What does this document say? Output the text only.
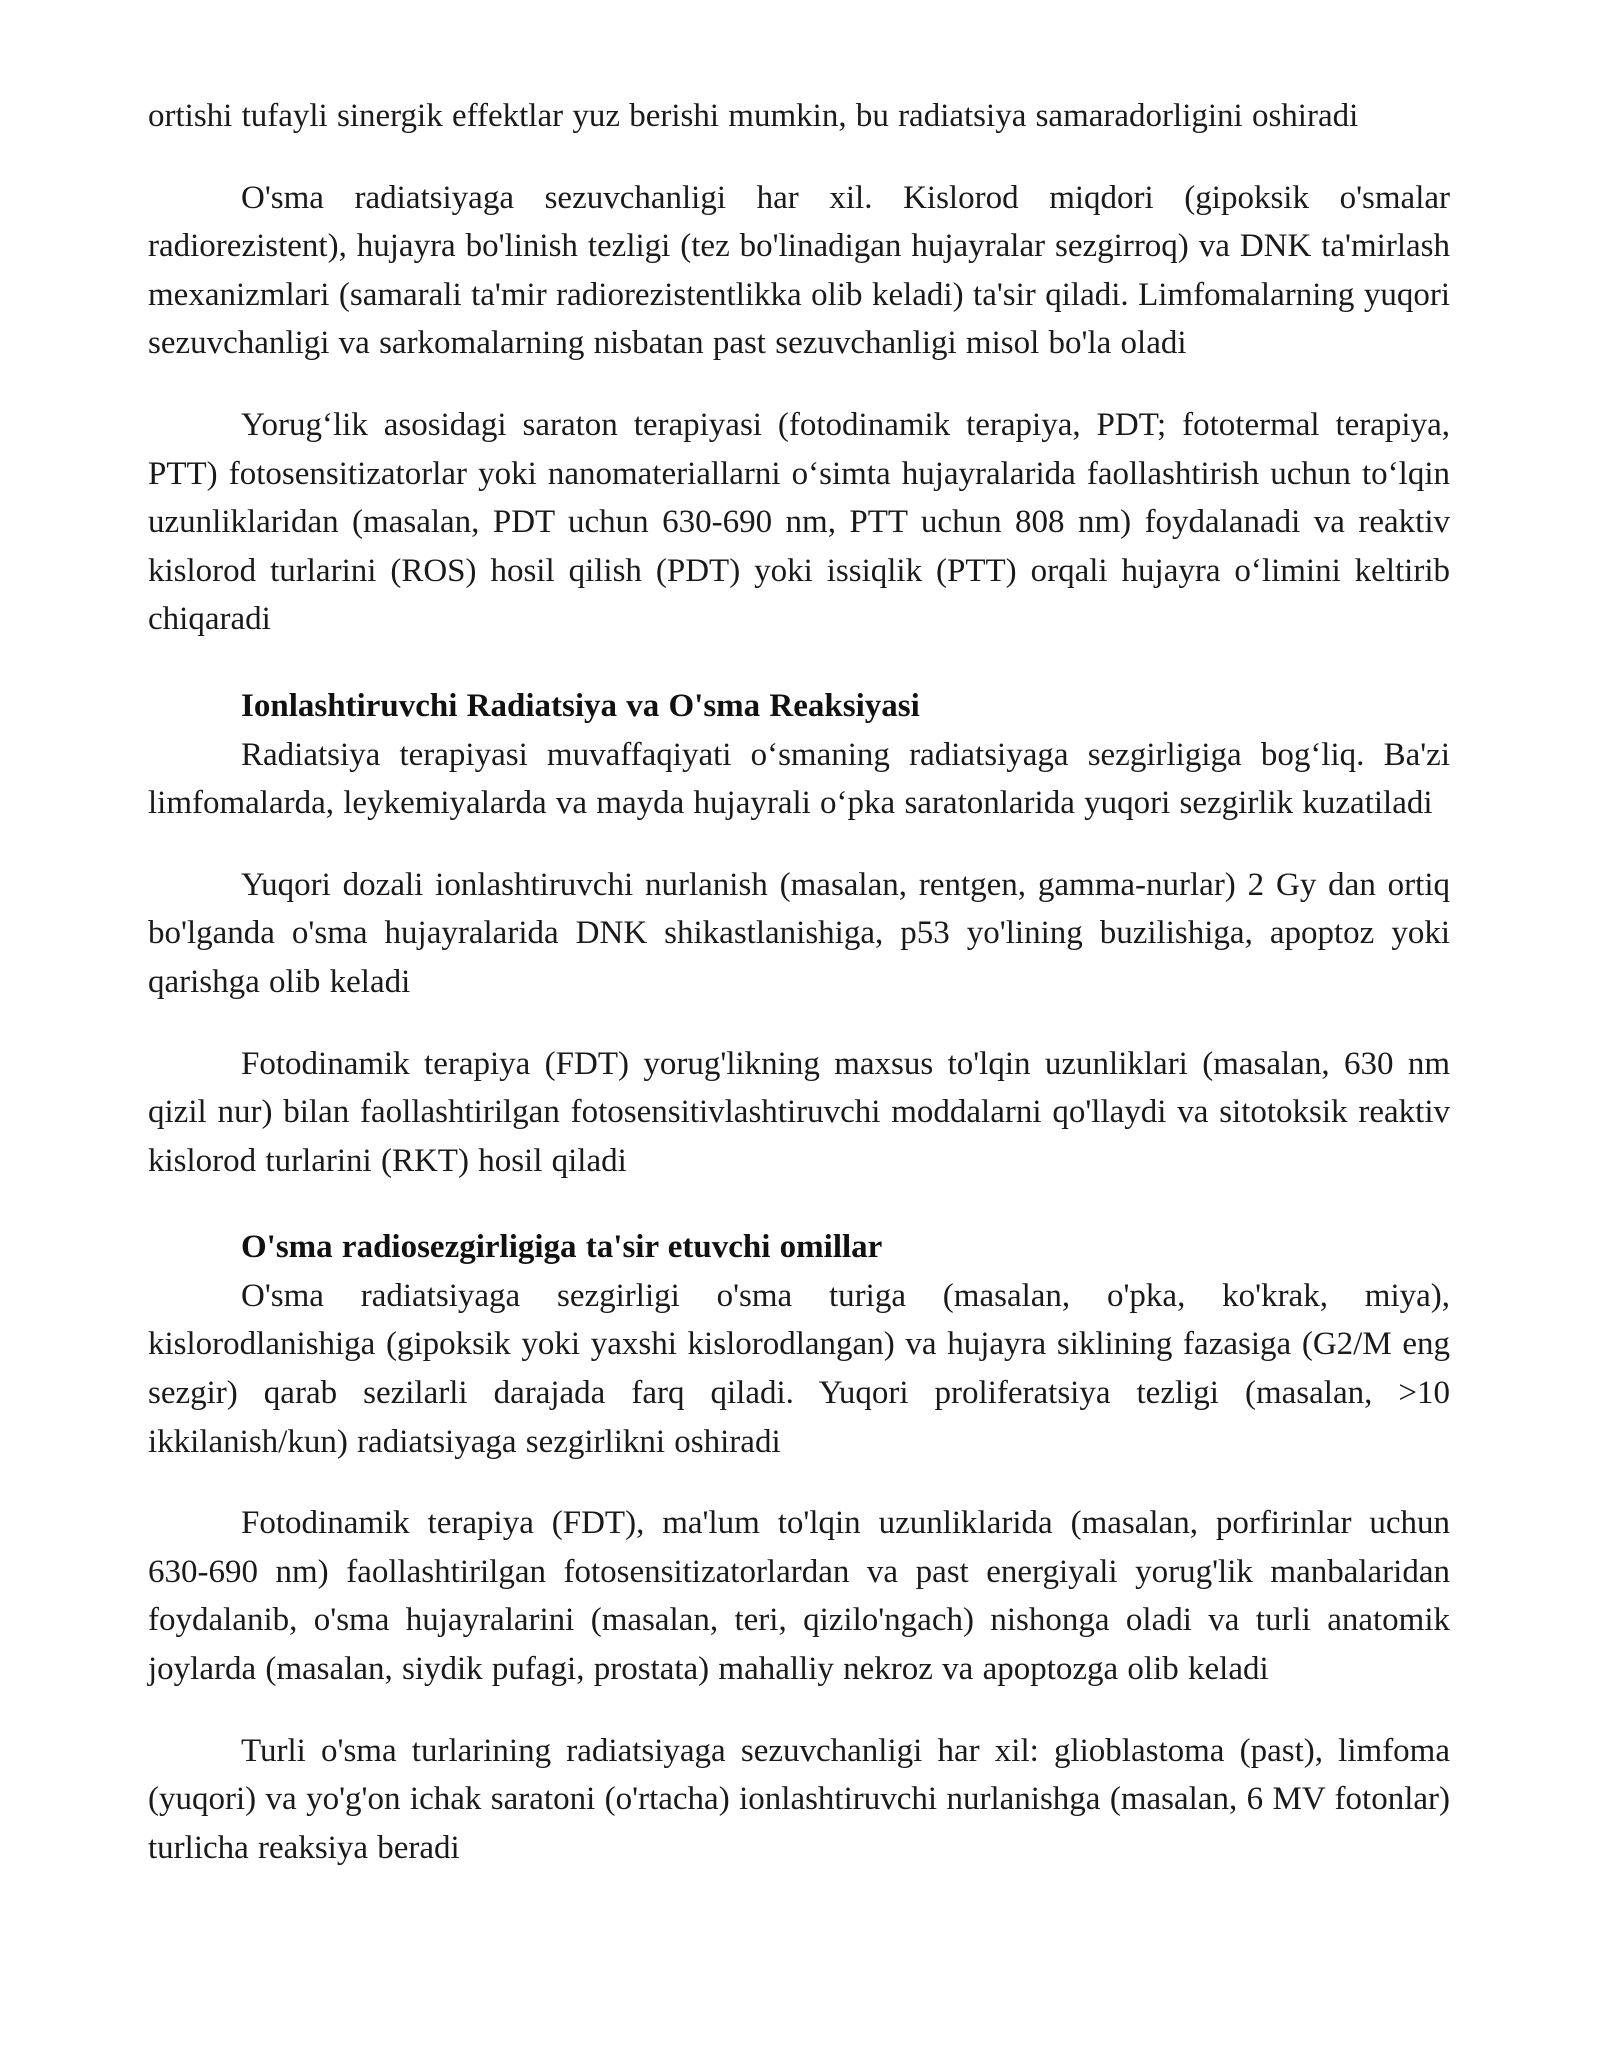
ortishi tufayli sinergik effektlar yuz berishi mumkin, bu radiatsiya samaradorligini oshiradi

O'sma radiatsiyaga sezuvchanligi har xil. Kislorod miqdori (gipoksik o'smalar radiorezistent), hujayra bo'linish tezligi (tez bo'linadigan hujayralar sezgirroq) va DNK ta'mirlash mexanizmlari (samarali ta'mir radiorezistentlikka olib keladi) ta'sir qiladi. Limfomalarning yuqori sezuvchanligi va sarkomalarning nisbatan past sezuvchanligi misol bo'la oladi

Yorug‘lik asosidagi saraton terapiyasi (fotodinamik terapiya, PDT; fototermal terapiya, PTT) fotosensitizatorlar yoki nanomateriallarni o‘simta hujayralarida faollashtirish uchun to‘lqin uzunliklaridan (masalan, PDT uchun 630-690 nm, PTT uchun 808 nm) foydalanadi va reaktiv kislorod turlarini (ROS) hosil qilish (PDT) yoki issiqlik (PTT) orqali hujayra o‘limini keltirib chiqaradi

Ionlashtiruvchi Radiatsiya va O'sma Reaksiyasi

Radiatsiya terapiyasi muvaffaqiyati o‘smaning radiatsiyaga sezgirligiga bog‘liq. Ba'zi limfomalarda, leykemiyalarda va mayda hujayrali o‘pka saratonlarida yuqori sezgirlik kuzatiladi

Yuqori dozali ionlashtiruvchi nurlanish (masalan, rentgen, gamma-nurlar) 2 Gy dan ortiq bo'lganda o'sma hujayralarida DNK shikastlanishiga, p53 yo'lining buzilishiga, apoptoz yoki qarishga olib keladi

Fotodinamik terapiya (FDT) yorug'likning maxsus to'lqin uzunliklari (masalan, 630 nm qizil nur) bilan faollashtirilgan fotosensitivlashtiruvchi moddalarni qo'llaydi va sitotoksik reaktiv kislorod turlarini (RKT) hosil qiladi

O'sma radiosezgirligiga ta'sir etuvchi omillar

O'sma radiatsiyaga sezgirligi o'sma turiga (masalan, o'pka, ko'krak, miya), kislorodlanishiga (gipoksik yoki yaxshi kislorodlangan) va hujayra siklining fazasiga (G2/M eng sezgir) qarab sezilarli darajada farq qiladi. Yuqori proliferatsiya tezligi (masalan, >10 ikkilanish/kun) radiatsiyaga sezgirlikni oshiradi

Fotodinamik terapiya (FDT), ma'lum to'lqin uzunliklarida (masalan, porfirinlar uchun 630-690 nm) faollashtirilgan fotosensitizatorlardan va past energiyali yorug'lik manbalaridan foydalanib, o'sma hujayralarini (masalan, teri, qizilo'ngach) nishonga oladi va turli anatomik joylarda (masalan, siydik pufagi, prostata) mahalliy nekroz va apoptozga olib keladi

Turli o'sma turlarining radiatsiyaga sezuvchanligi har xil: glioblastoma (past), limfoma (yuqori) va yo'g'on ichak saratoni (o'rtacha) ionlashtiruvchi nurlanishga (masalan, 6 MV fotonlar) turlicha reaksiya beradi
